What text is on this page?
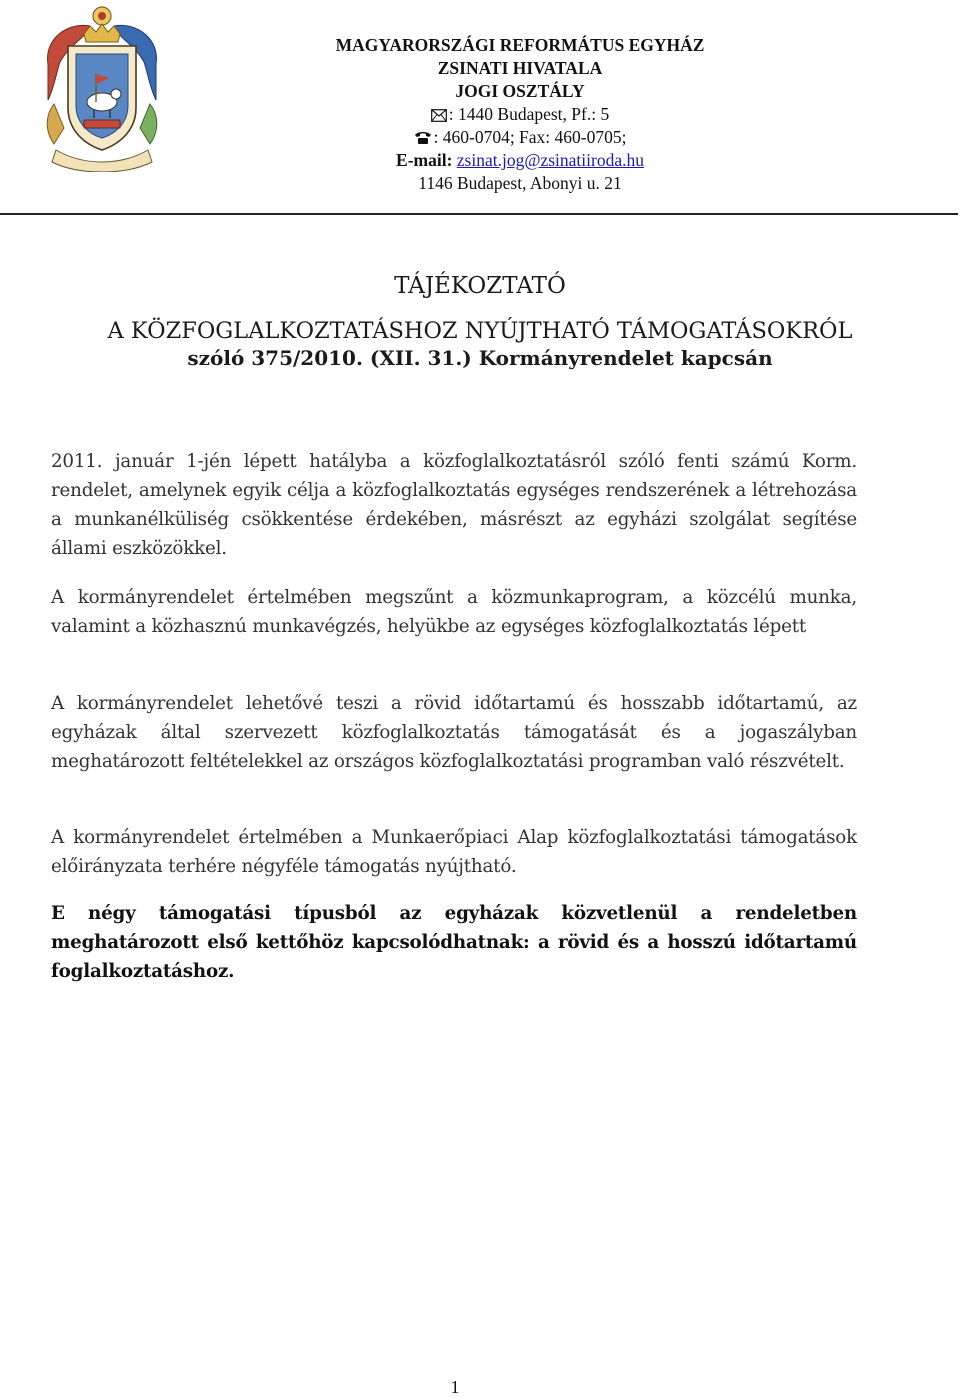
MAGYARORSZÁGI REFORMÁTUS EGYHÁZ
ZSINATI HIVATALA
JOGI OSZTÁLY
: 1440 Budapest, Pf.: 5
: 460-0704; Fax: 460-0705;
E-mail: zsinat.jog@zsinatiiroda.hu
1146 Budapest, Abonyi u. 21
TÁJÉKOZTATÓ
A KÖZFOGLALKOZTATÁSHOZ NYÚJTHATÓ TÁMOGATÁSOKRÓL
szóló 375/2010. (XII. 31.) Kormányrendelet kapcsán
2011. január 1-jén lépett hatályba a közfoglalkoztatásról szóló fenti számú Korm. rendelet, amelynek egyik célja a közfoglalkoztatás egységes rendszerének a létrehozása a munkanélküliség csökkentése érdekében, másrészt az egyházi szolgálat segítése állami eszközökkel.
A kormányrendelet értelmében megszűnt a közmunkaprogram, a közcélú munka, valamint a közhasznú munkavégzés, helyükbe az egységes közfoglalkoztatás lépett
A kormányrendelet lehetővé teszi a rövid időtartamú és hosszabb időtartamú, az egyházak által szervezett közfoglalkoztatás támogatását és a jogaszályban meghatározott feltételekkel az országos közfoglalkoztatási programban való részvételt.
A kormányrendelet értelmében a Munkaerőpiaci Alap közfoglalkoztatási támogatások előirányzata terhére négyféle támogatás nyújtható.
E négy támogatási típusból az egyházak közvetlenül a rendeletben meghatározott első kettőhöz kapcsolódhatnak: a rövid és a hosszú időtartamú foglalkoztatáshoz.
1
